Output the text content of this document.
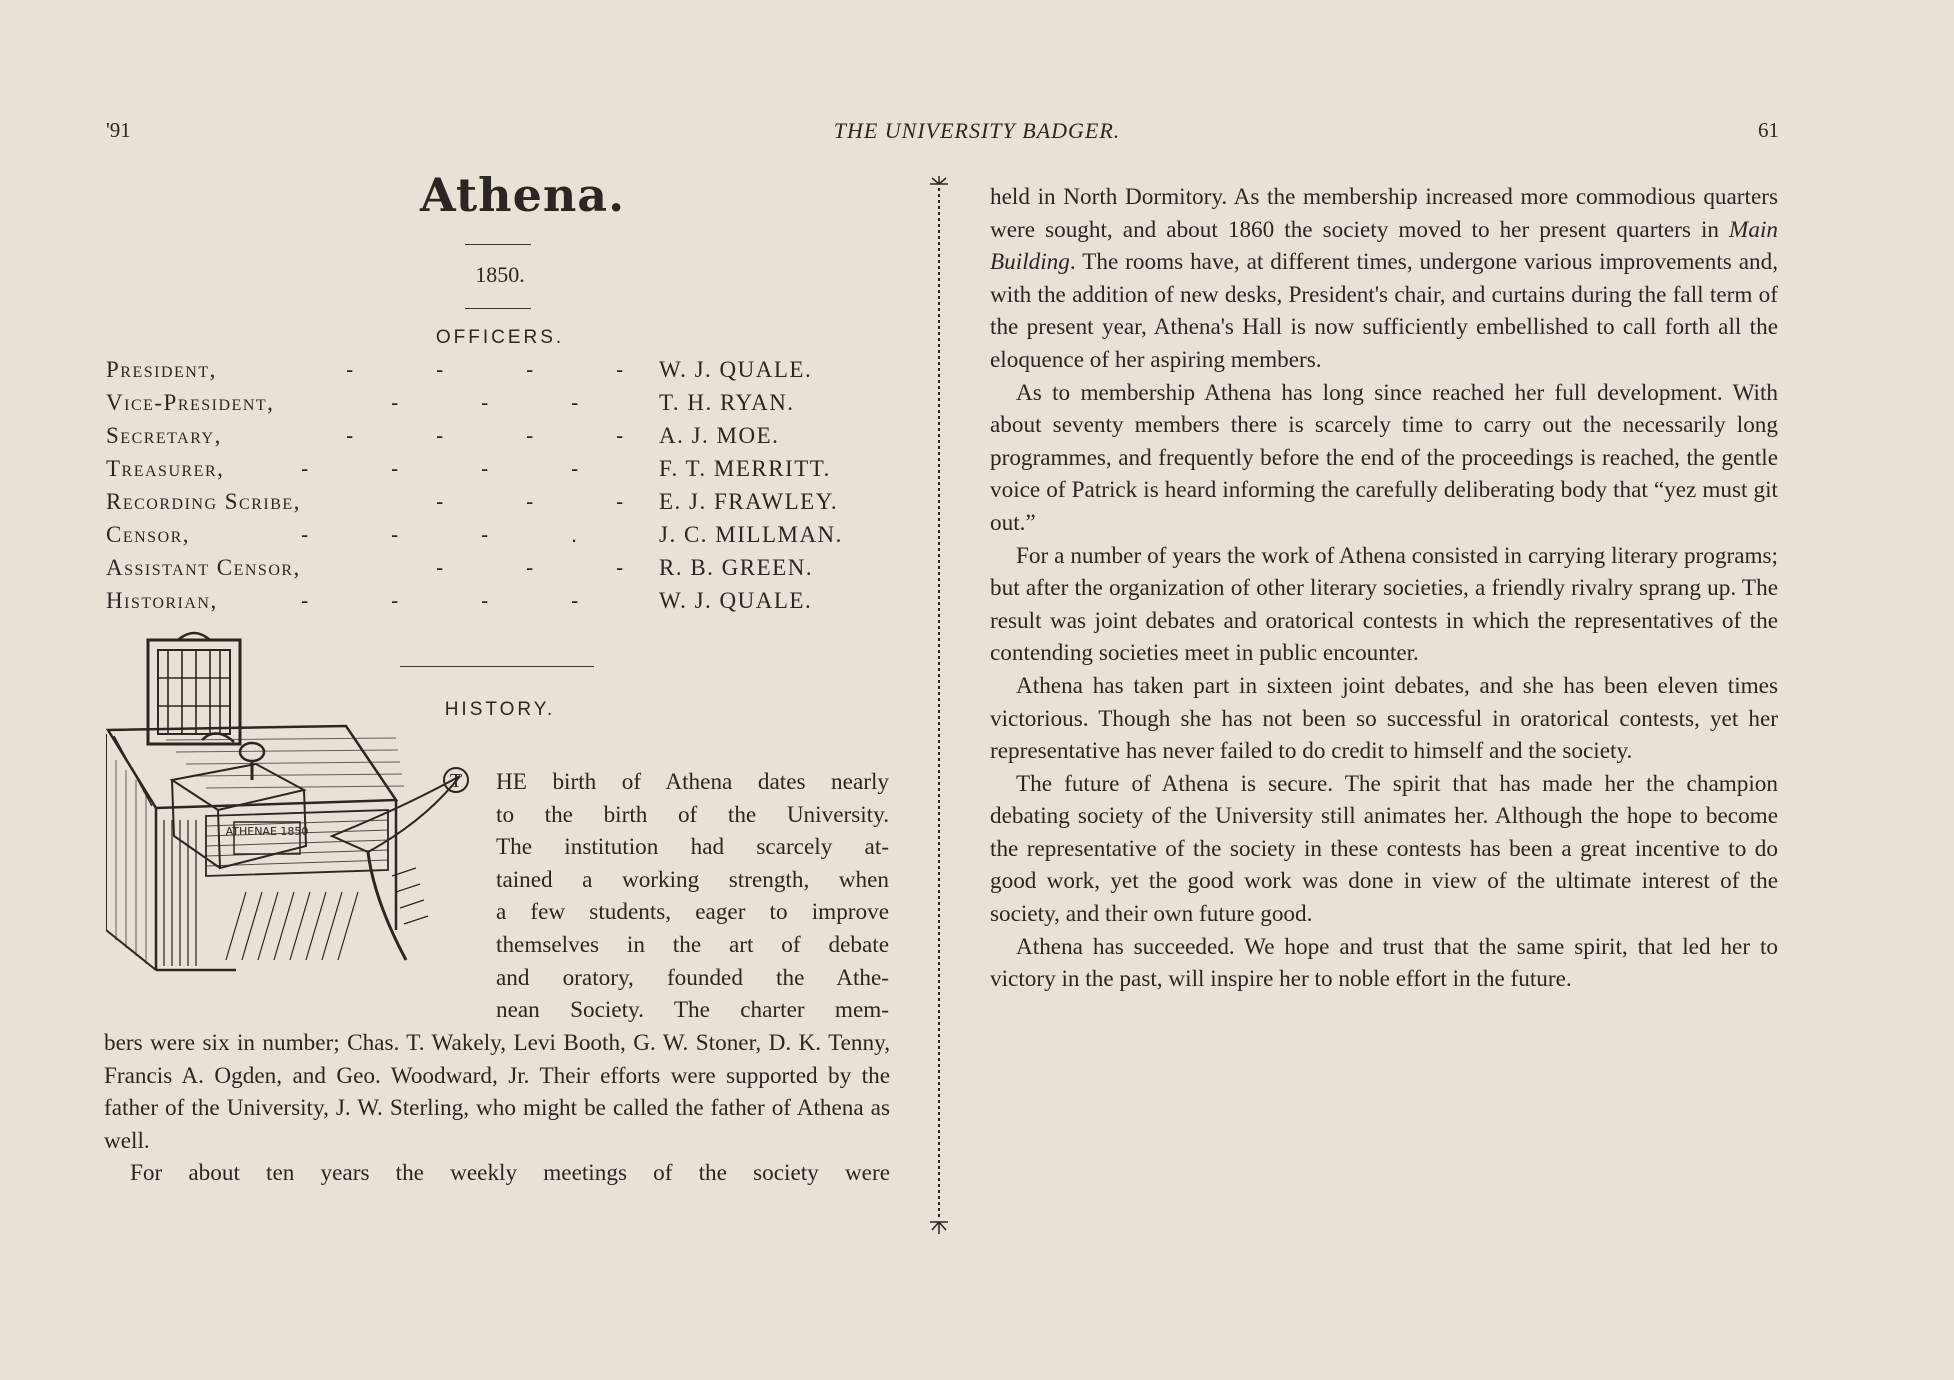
'91	THE UNIVERSITY BADGER.	61
Athena.
1850.
OFFICERS.
President,	-	-	-	- W. J. QUALE.
Vice-President,	-	-	-	T. H. RYAN.
Secretary,	-	-	-	- A. J. MOE.
Treasurer,	-	-	-	-	F. T. MERRITT.
Recording Scribe,	-	-	- E. J. FRAWLEY.
Censor,	-	-	-	.	J. C. MILLMAN.
Assistant Censor,	-	-	- R. B. GREEN.
Historian,	-	-	-	-	W. J. QUALE.
HISTORY.
ATHENAE 1850
T HE birth of Athena dates nearly

to the birth of the University.

The institution had scarcely at-

tained a working strength, when

a few students, eager to improve

themselves in the art of debate

and oratory, founded the Athe-

nean Society. The charter mem-

bers were six in number; Chas. T. Wakely, Levi Booth, G. W. Stoner, D. K. Tenny, Francis A. Ogden, and Geo. Woodward, Jr. Their efforts were supported by the father of the University, J. W. Sterling, who might be called the father of Athena as well.

For about ten years the weekly meetings of the society were

held in North Dormitory. As the membership increased more commodious quarters were sought, and about 1860 the society moved to her present quarters in Main Building. The rooms have, at different times, undergone various improvements and, with the addition of new desks, President's chair, and curtains during the fall term of the present year, Athena's Hall is now sufficiently embellished to call forth all the eloquence of her aspiring members.

As to membership Athena has long since reached her full development. With about seventy members there is scarcely time to carry out the necessarily long programmes, and frequently before the end of the proceedings is reached, the gentle voice of Patrick is heard informing the carefully deliberating body that “yez must git out.”

For a number of years the work of Athena consisted in carrying literary programs; but after the organization of other literary societies, a friendly rivalry sprang up. The result was joint debates and oratorical contests in which the representatives of the contending societies meet in public encounter.

Athena has taken part in sixteen joint debates, and she has been eleven times victorious. Though she has not been so successful in oratorical contests, yet her representative has never failed to do credit to himself and the society.

The future of Athena is secure. The spirit that has made her the champion debating society of the University still animates her. Although the hope to become the representative of the society in these contests has been a great incentive to do good work, yet the good work was done in view of the ultimate interest of the society, and their own future good.

Athena has succeeded. We hope and trust that the same spirit, that led her to victory in the past, will inspire her to noble effort in the future.
